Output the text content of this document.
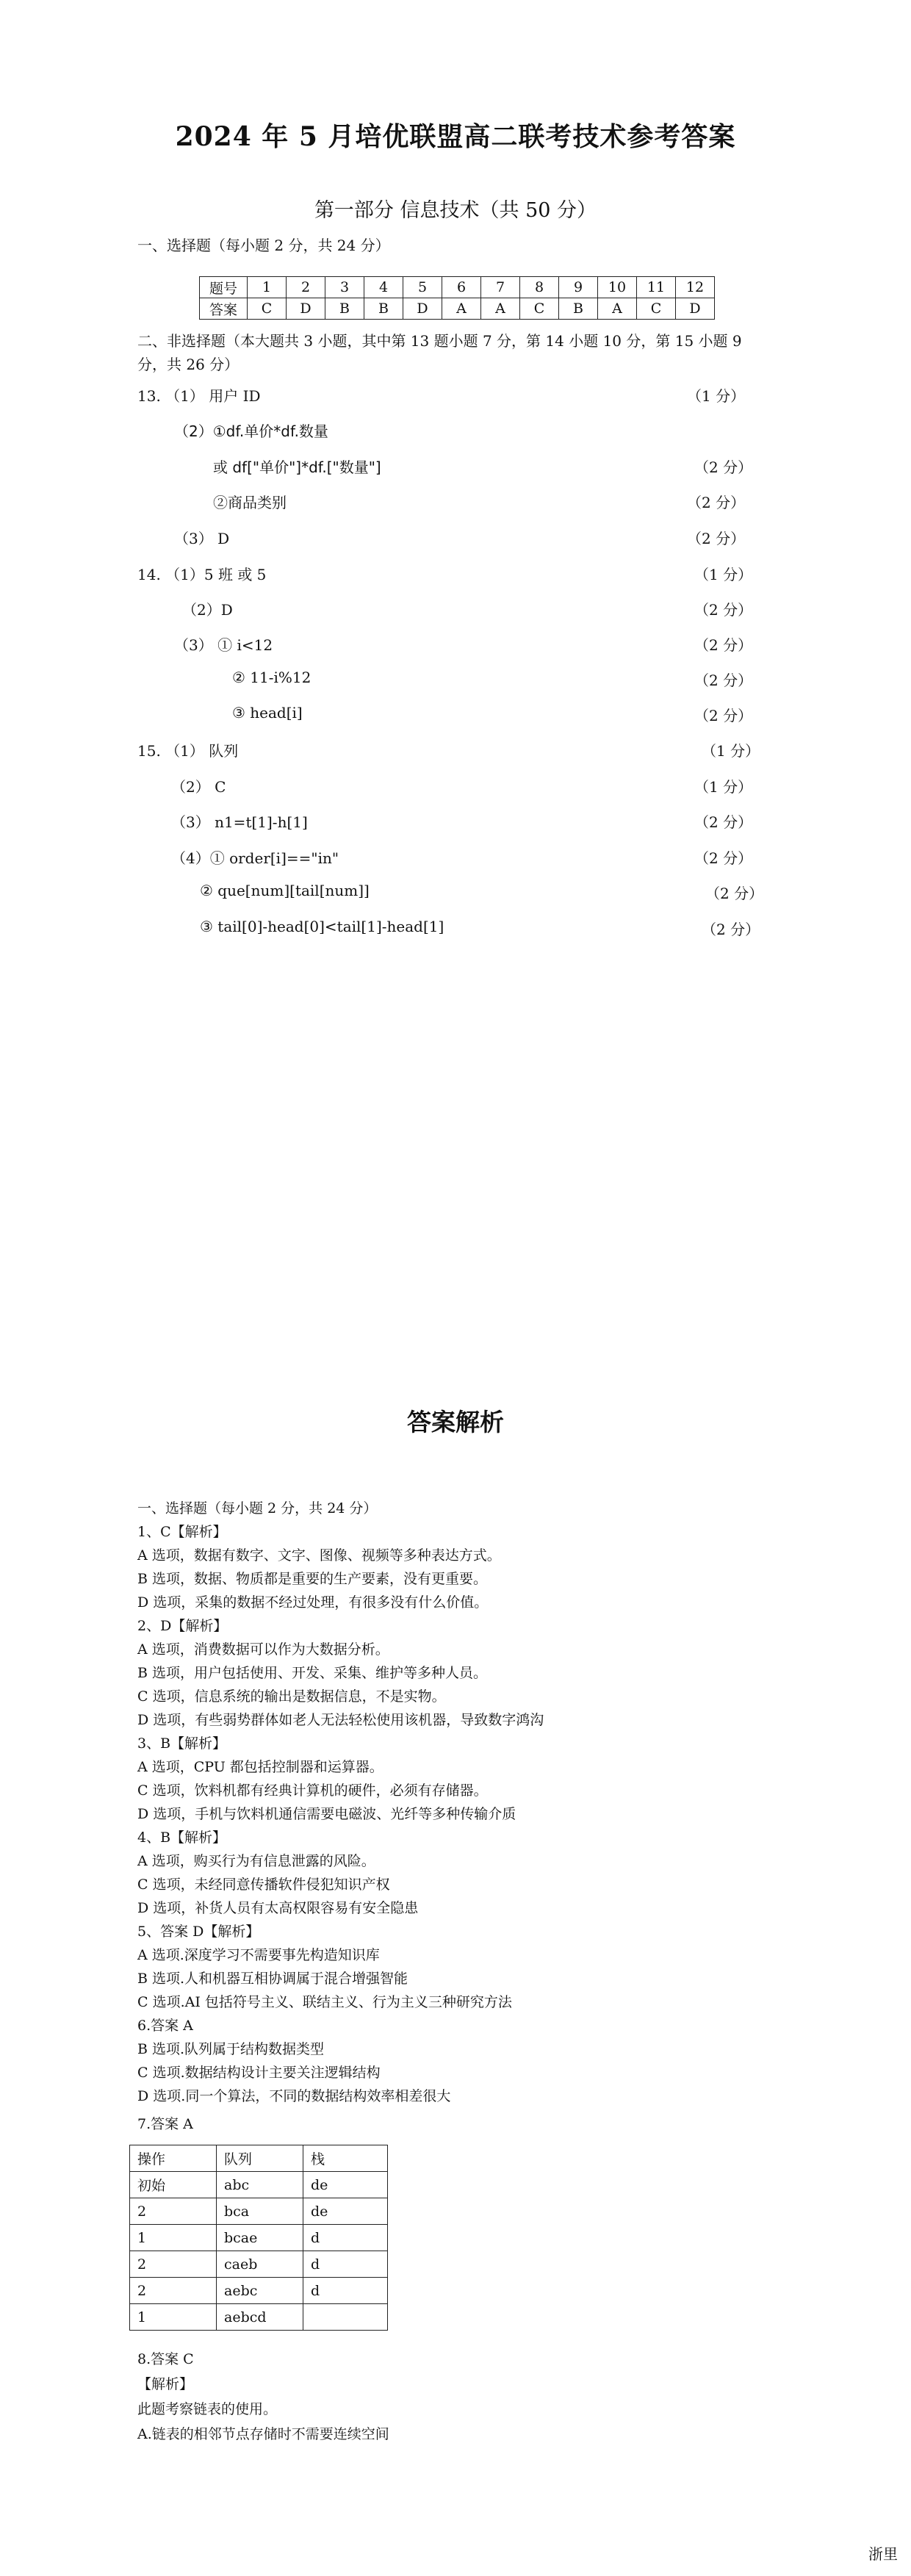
2024 年 5 月培优联盟高二联考技术参考答案
第一部分 信息技术（共 50 分）
一、选择题（每小题 2 分，共 24 分）
题号	1	2	3	4	5	6	7	8	9	10	11	12
答案	C	D	B	B	D	A	A	C	B	A	C	D
二、非选择题（本大题共 3 小题，其中第 13 题小题 7 分，第 14 小题 10 分，第 15 小题 9
分，共 26 分）
13. （1） 用户 ID	（1 分）
（2）①df.单价*df.数量
或 df["单价"]*df.["数量"]	（2 分）
②商品类别	（2 分）
（3） D	（2 分）
14. （1）5 班 或 5	（1 分）
（2）D	（2 分）
（3） ① i<12	（2 分）
② 11-i%12	（2 分）
③ head[i]	（2 分）
15. （1） 队列	（1 分）
（2） C	（1 分）
（3） n1=t[1]-h[1]	（2 分）
（4）① order[i]=="in"	（2 分）
② que[num][tail[num]]	（2 分）
③ tail[0]-head[0]<tail[1]-head[1]	（2 分）
答案解析
一、选择题（每小题 2 分，共 24 分）
1、C【解析】
A 选项，数据有数字、文字、图像、视频等多种表达方式。
B 选项，数据、物质都是重要的生产要素，没有更重要。
D 选项，采集的数据不经过处理，有很多没有什么价值。
2、D【解析】
A 选项，消费数据可以作为大数据分析。
B 选项，用户包括使用、开发、采集、维护等多种人员。
C 选项，信息系统的输出是数据信息，不是实物。
D 选项，有些弱势群体如老人无法轻松使用该机器，导致数字鸿沟
3、B【解析】
A 选项，CPU 都包括控制器和运算器。
C 选项，饮料机都有经典计算机的硬件，必须有存储器。
D 选项，手机与饮料机通信需要电磁波、光纤等多种传输介质
4、B【解析】
A 选项，购买行为有信息泄露的风险。
C 选项，未经同意传播软件侵犯知识产权
D 选项，补货人员有太高权限容易有安全隐患
5、答案 D【解析】
A 选项.深度学习不需要事先构造知识库
B 选项.人和机器互相协调属于混合增强智能
C 选项.AI 包括符号主义、联结主义、行为主义三种研究方法
6.答案 A
B 选项.队列属于结构数据类型
C 选项.数据结构设计主要关注逻辑结构
D 选项.同一个算法，不同的数据结构效率相差很大
7.答案 A
操作	队列	栈
初始	abc	de
2	bca	de
1	bcae	d
2	caeb	d
2	aebc	d
1	aebcd	
8.答案 C
【解析】
此题考察链表的使用。
A.链表的相邻节点存储时不需要连续空间
浙里
